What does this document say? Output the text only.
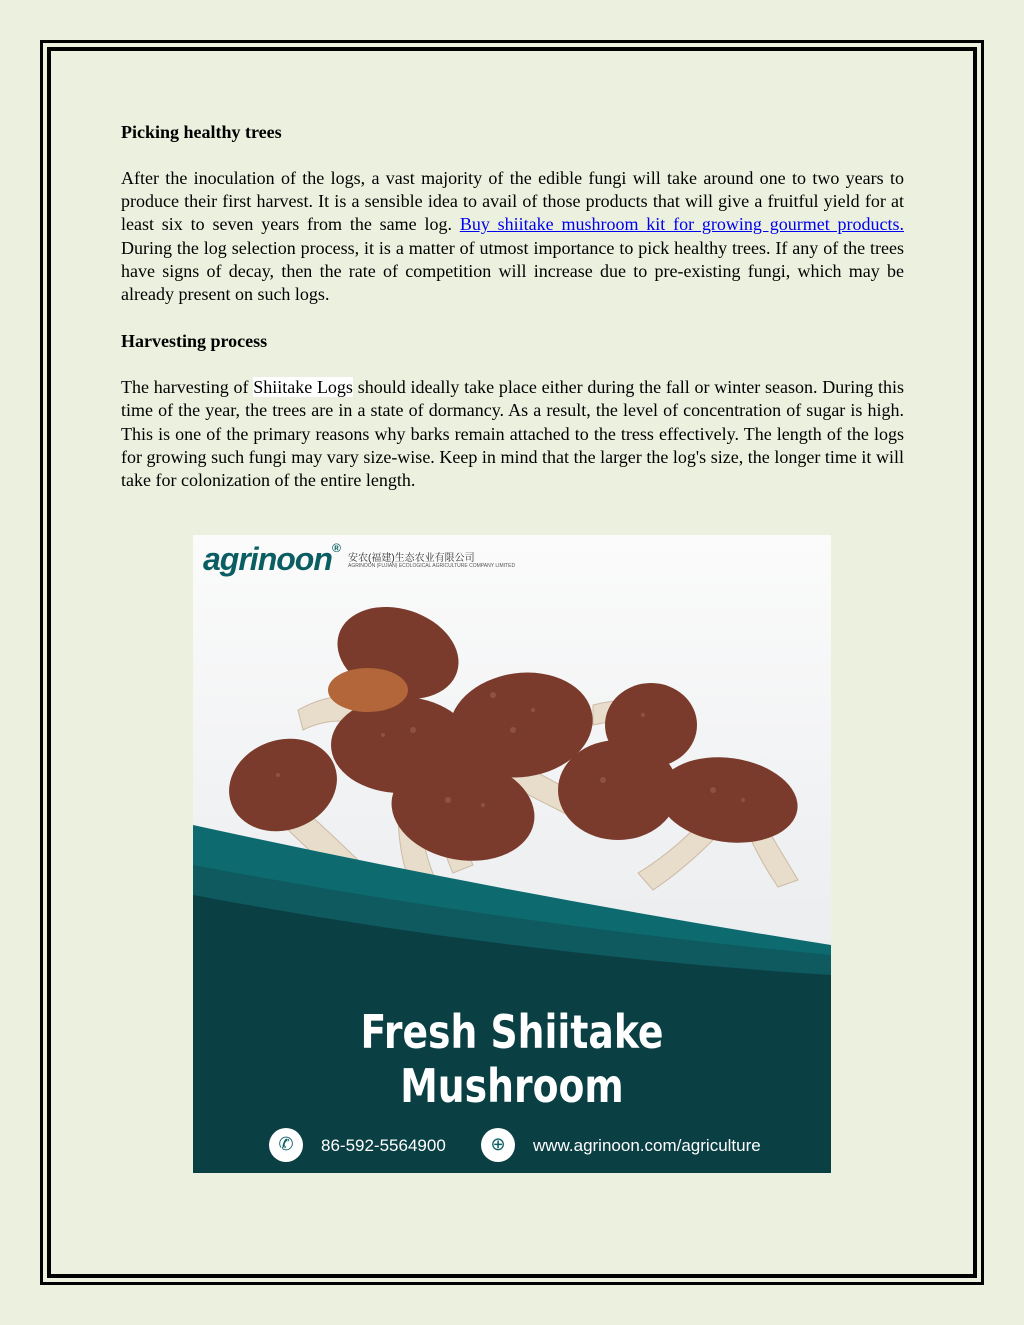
Picking healthy trees

After the inoculation of the logs, a vast majority of the edible fungi will take around one to two years to produce their first harvest. It is a sensible idea to avail of those products that will give a fruitful yield for at least six to seven years from the same log. Buy shiitake mushroom kit for growing gourmet products. During the log selection process, it is a matter of utmost importance to pick healthy trees. If any of the trees have signs of decay, then the rate of competition will increase due to pre-existing fungi, which may be already present on such logs.

Harvesting process

The harvesting of Shiitake Logs should ideally take place either during the fall or winter season. During this time of the year, the trees are in a state of dormancy. As a result, the level of concentration of sugar is high. This is one of the primary reasons why barks remain attached to the tress effectively. The length of the logs for growing such fungi may vary size-wise. Keep in mind that the larger the log's size, the longer time it will take for colonization of the entire length.

agrinoon®
安农(福建)生态农业有限公司
AGRINOON (FUJIAN) ECOLOGICAL AGRICULTURE COMPANY LIMITED
Fresh Shiitake Mushroom
✆	86-592-5564900	⊕	www.agrinoon.com/agriculture
